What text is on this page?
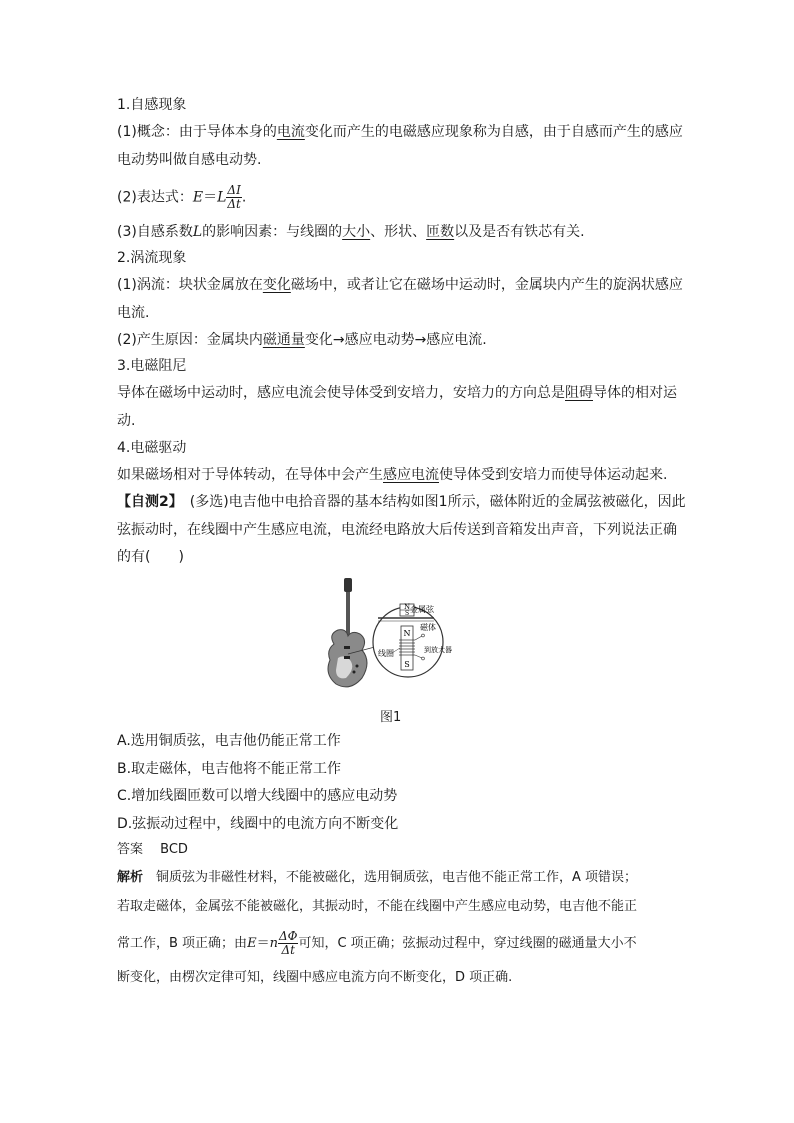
1.自感现象
(1)概念：由于导体本身的电流变化而产生的电磁感应现象称为自感，由于自感而产生的感应
电动势叫做自感电动势.
(2)表达式：$E=L \frac{\Delta I}{\Delta t}$ .
(3)自感系数L的影响因素：与线圈的大小、形状、匝数以及是否有铁芯有关.
2.涡流现象
(1)涡流：块状金属放在变化磁场中，或者让它在磁场中运动时，金属块内产生的旋涡状感应
电流.
(2)产生原因：金属块内磁通量变化→感应电动势→感应电流.
3.电磁阻尼
导体在磁场中运动时，感应电流会使导体受到安培力，安培力的方向总是阻碍导体的相对运
动.
4.电磁驱动
如果磁场相对于导体转动，在导体中会产生感应电流使导体受到安培力而使导体运动起来.
【自测2】　 (多选)电吉他中电拾音器的基本结构如图1所示，磁体附近的金属弦被磁化，因此
弦振动时，在线圈中产生感应电流，电流经电路放大后传送到音箱发出声音，下列说法正确
的有(　　)
N
S
N
S
金属弦
磁体
到放大器
线圈
图1
A.选用铜质弦，电吉他仍能正常工作
B.取走磁体，电吉他将不能正常工作
C.增加线圈匝数可以增大线圈中的感应电动势
D.弦振动过程中，线圈中的电流方向不断变化
答案　 BCD
解析　 铜质弦为非磁性材料，不能被磁化，选用铜质弦，电吉他不能正常工作，A 项错误；
若取走磁体，金属弦不能被磁化，其振动时，不能在线圈中产生感应电动势，电吉他不能正
常工作，B 项正确；由$E=n \frac{\Delta\Phi}{\Delta t}$ 可知，C 项正确；弦振动过程中，穿过线圈的磁通量大小不
断变化，由楞次定律可知，线圈中感应电流方向不断变化，D 项正确.
